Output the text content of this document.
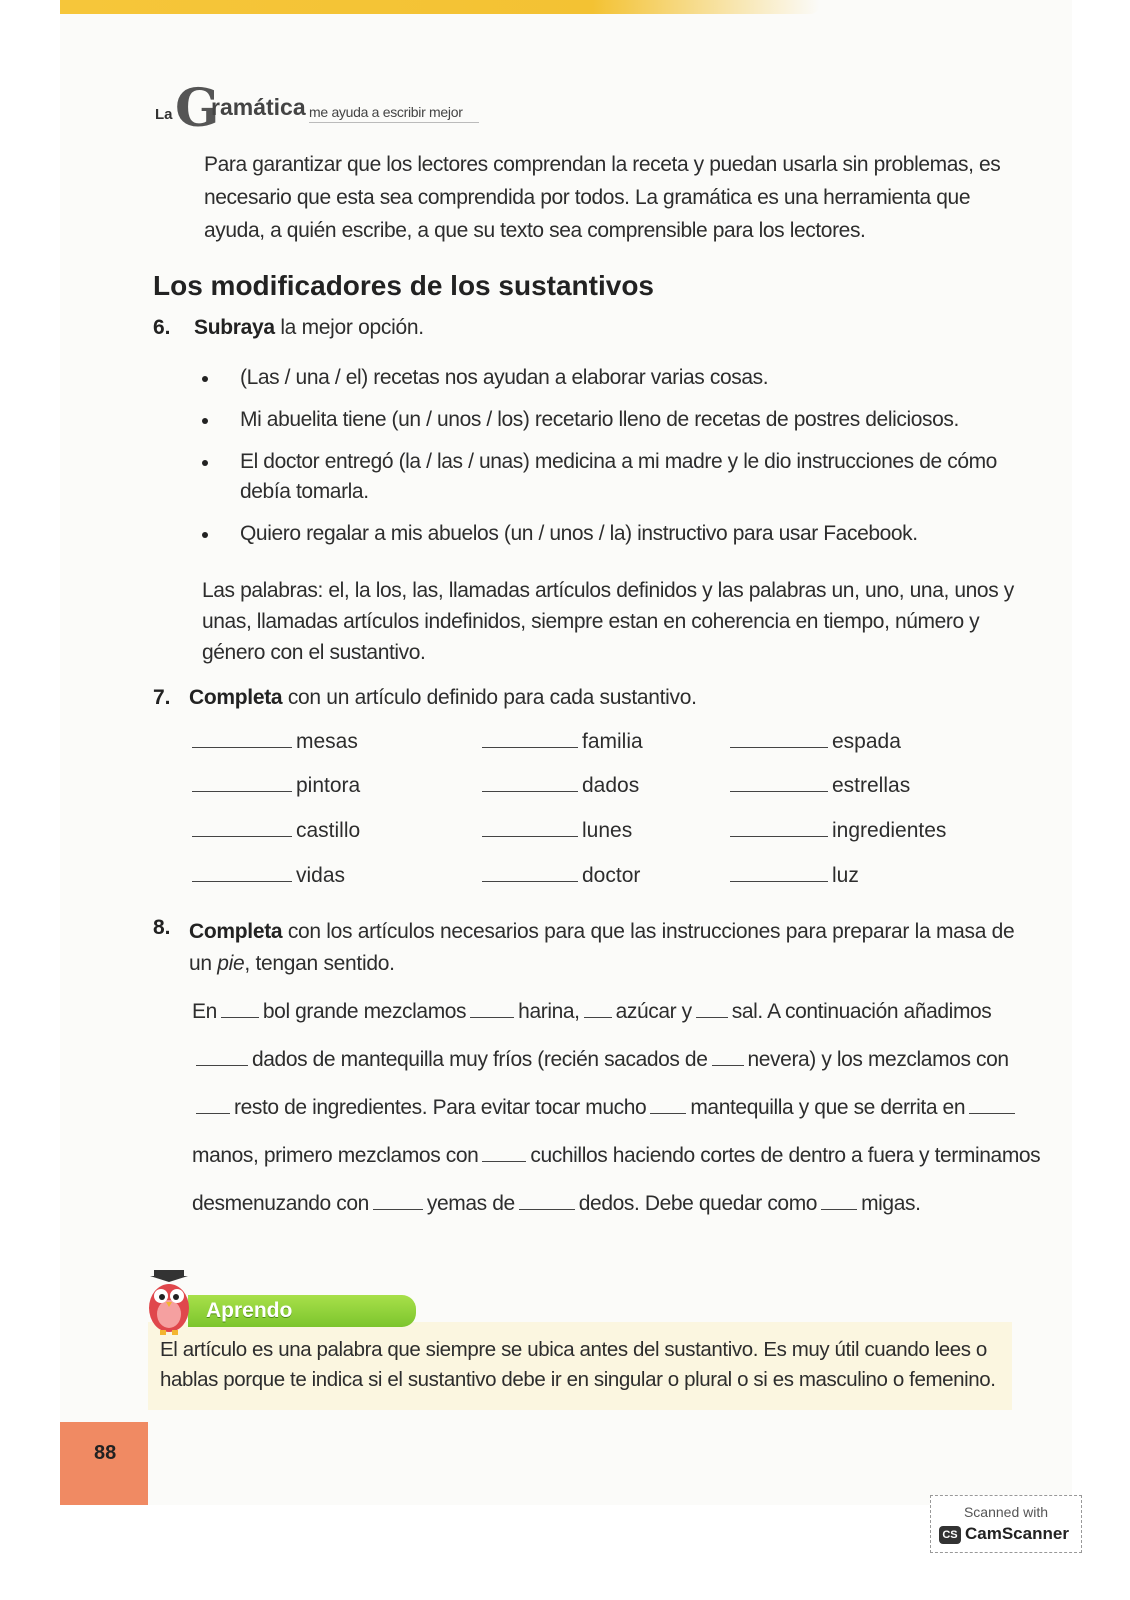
La G
ramática me ayuda a escribir mejor

Para garantizar que los lectores comprendan la receta y puedan usarla sin problemas, es necesario que esta sea comprendida por todos. La gramática es una herramienta que ayuda, a quién escribe, a que su texto sea comprensible para los lectores.

Los modificadores de los sustantivos
6. Subraya la mejor opción.

(Las / una / el) recetas nos ayudan a elaborar varias cosas.
Mi abuelita tiene (un / unos / los) recetario lleno de recetas de postres deliciosos.
El doctor entregó (la / las / unas) medicina a mi madre y le dio instrucciones de cómo debía tomarla.
Quiero regalar a mis abuelos (un / unos / la) instructivo para usar Facebook.

Las palabras: el, la los, las, llamadas artículos definidos y las palabras un, uno, una, unos y unas, llamadas artículos indefinidos, siempre estan en coherencia en tiempo, número y género con el sustantivo.

7. Completa con un artículo definido para cada sustantivo.

mesas	familia	espada
pintora	dados	estrellas
castillo	lunes	ingredientes
vidas	doctor	luz
8. Completa con los artículos necesarios para que las instrucciones para preparar la masa de un pie, tengan sentido.

En bol grande mezclamos harina, azúcar y sal. A continuación añadimosdados de mantequilla muy fríos (recién sacados de nevera) y los mezclamos conresto de ingredientes. Para evitar tocar mucho mantequilla y que se derrita enmanos, primero mezclamos con cuchillos haciendo cortes de dentro a fuera y terminamos desmenuzando con	yemas de	dedos. Debe quedar como migas.

Aprendo

El artículo es una palabra que siempre se ubica antes del sustantivo. Es muy útil cuando lees o hablas porque te indica si el sustantivo debe ir en singular o plural o si es masculino o femenino.

88
Scanned with
CS CamScanner
